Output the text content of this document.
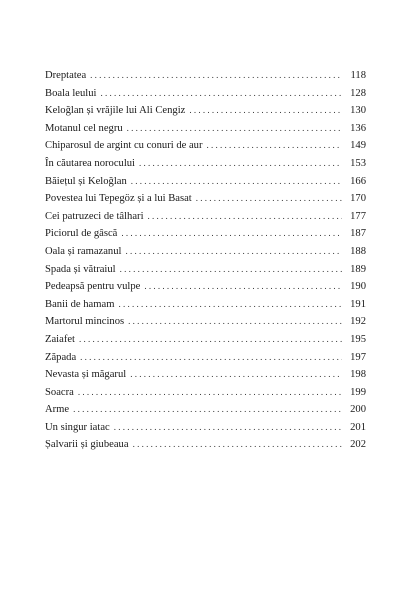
Dreptatea . . .	118
Boala leului . . .	128
Keloğlan și vrăjile lui Ali Cengiz . . .	130
Motanul cel negru . . .	136
Chiparosul de argint cu conuri de aur . . .	149
În căutarea norocului . . .	153
Băiețul și Keloğlan . . .	166
Povestea lui Tepegöz și a lui Basat . . .	170
Cei patruzeci de tâlhari . . .	177
Piciorul de gâscă . . .	187
Oala și ramazanul . . .	188
Spada și vătraiul . . .	189
Pedeapsă pentru vulpe . . .	190
Banii de hamam . . .	191
Martorul mincinos . . .	192
Zaiafet . . .	195
Zăpada . . .	197
Nevasta și măgarul . . .	198
Soacra . . .	199
Arme . . .	200
Un singur iatac . . .	201
Șalvarii și giubeaua . . .	202
